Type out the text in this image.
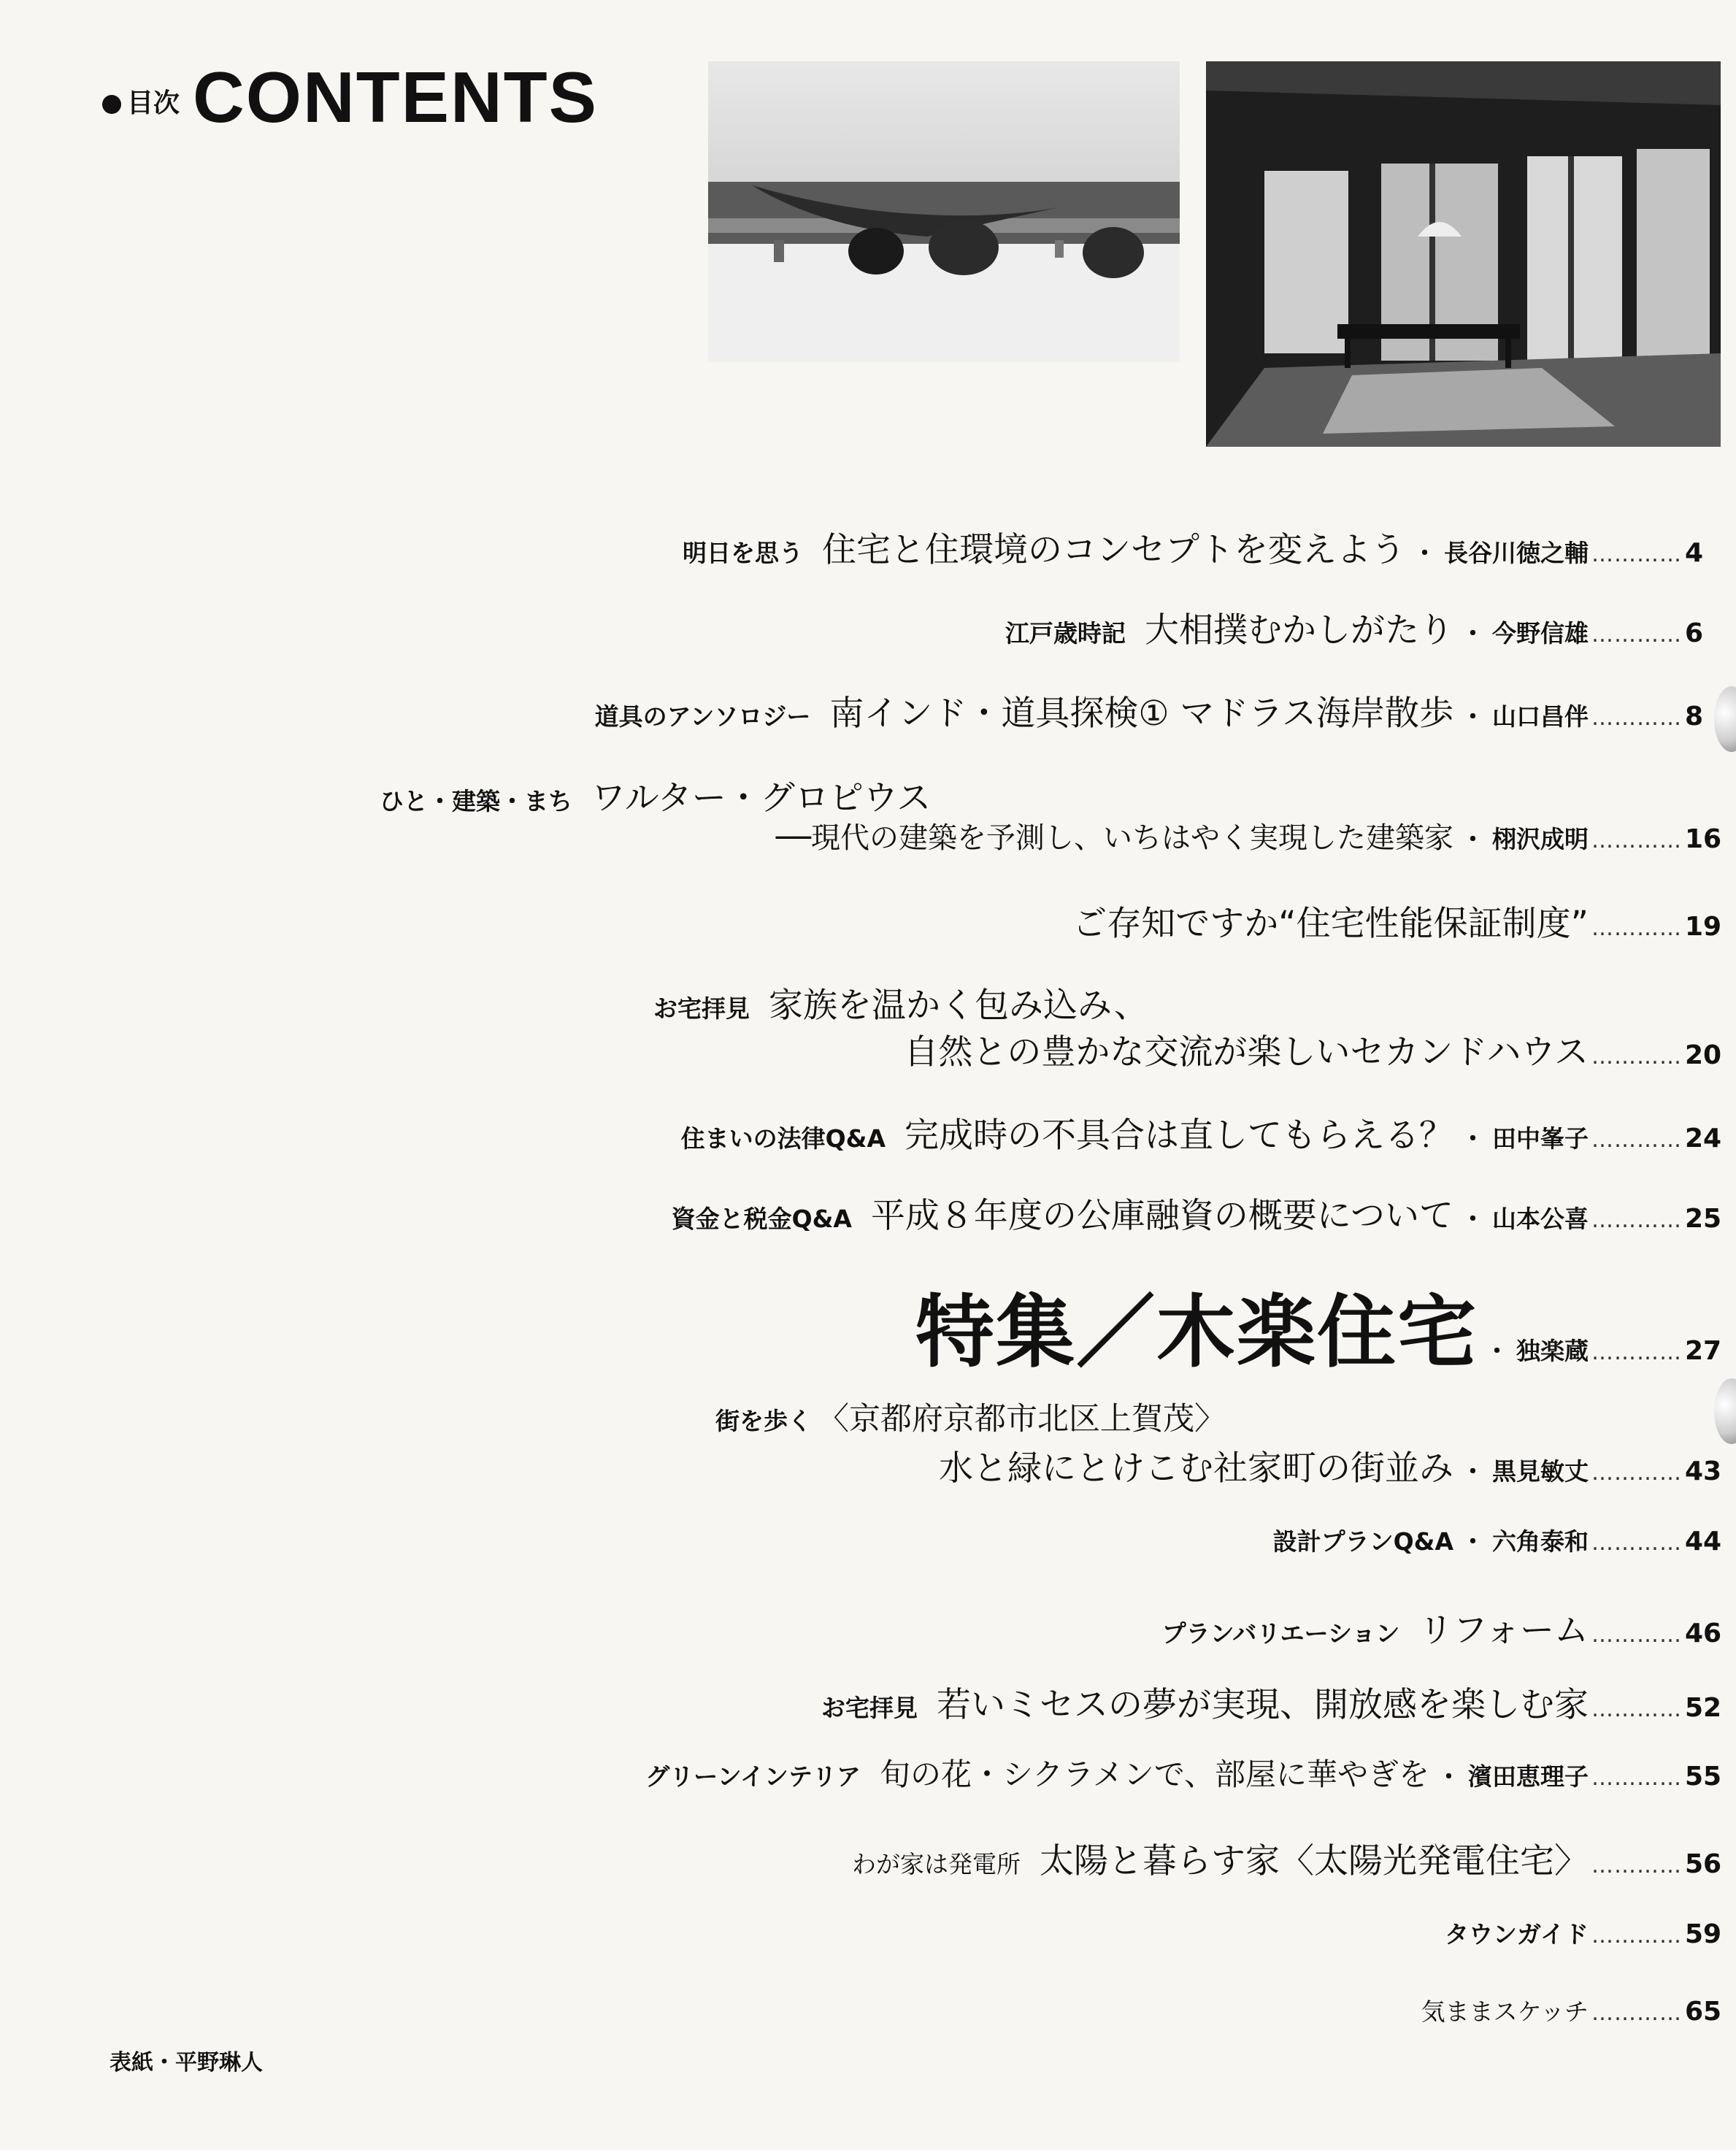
目次 CONTENTS
明日を思う 住宅と住環境のコンセプトを変えよう ・ 長谷川徳之輔 ………… 4
江戸歳時記 大相撲むかしがたり ・ 今野信雄 ………… 6
道具のアンソロジー 南インド・道具探検① マドラス海岸散歩 ・ 山口昌伴 ………… 8
ひと・建築・まち ワルター・グロピウス
──現代の建築を予測し、いちはやく実現した建築家 ・ 栩沢成明 ………… 16
ご存知ですか“住宅性能保証制度” ………… 19
お宅拝見 家族を温かく包み込み、
自然との豊かな交流が楽しいセカンドハウス ………… 20
住まいの法律Q&A 完成時の不具合は直してもらえる？ ・ 田中峯子 ………… 24
資金と税金Q&A 平成８年度の公庫融資の概要について ・ 山本公喜 ………… 25
特集／木楽住宅 ・ 独楽蔵 ………… 27
街を歩く 〈京都府京都市北区上賀茂〉
水と緑にとけこむ社家町の街並み ・ 黒見敏丈 ………… 43
設計プランQ&A ・ 六角泰和 ………… 44
プランバリエーション リフォーム ………… 46
お宅拝見 若いミセスの夢が実現、開放感を楽しむ家 ………… 52
グリーンインテリア 旬の花・シクラメンで、部屋に華やぎを ・ 濱田恵理子 ………… 55
わが家は発電所 太陽と暮らす家〈太陽光発電住宅〉 ………… 56
タウンガイド ………… 59
気ままスケッチ ………… 65
表紙・平野琳人
